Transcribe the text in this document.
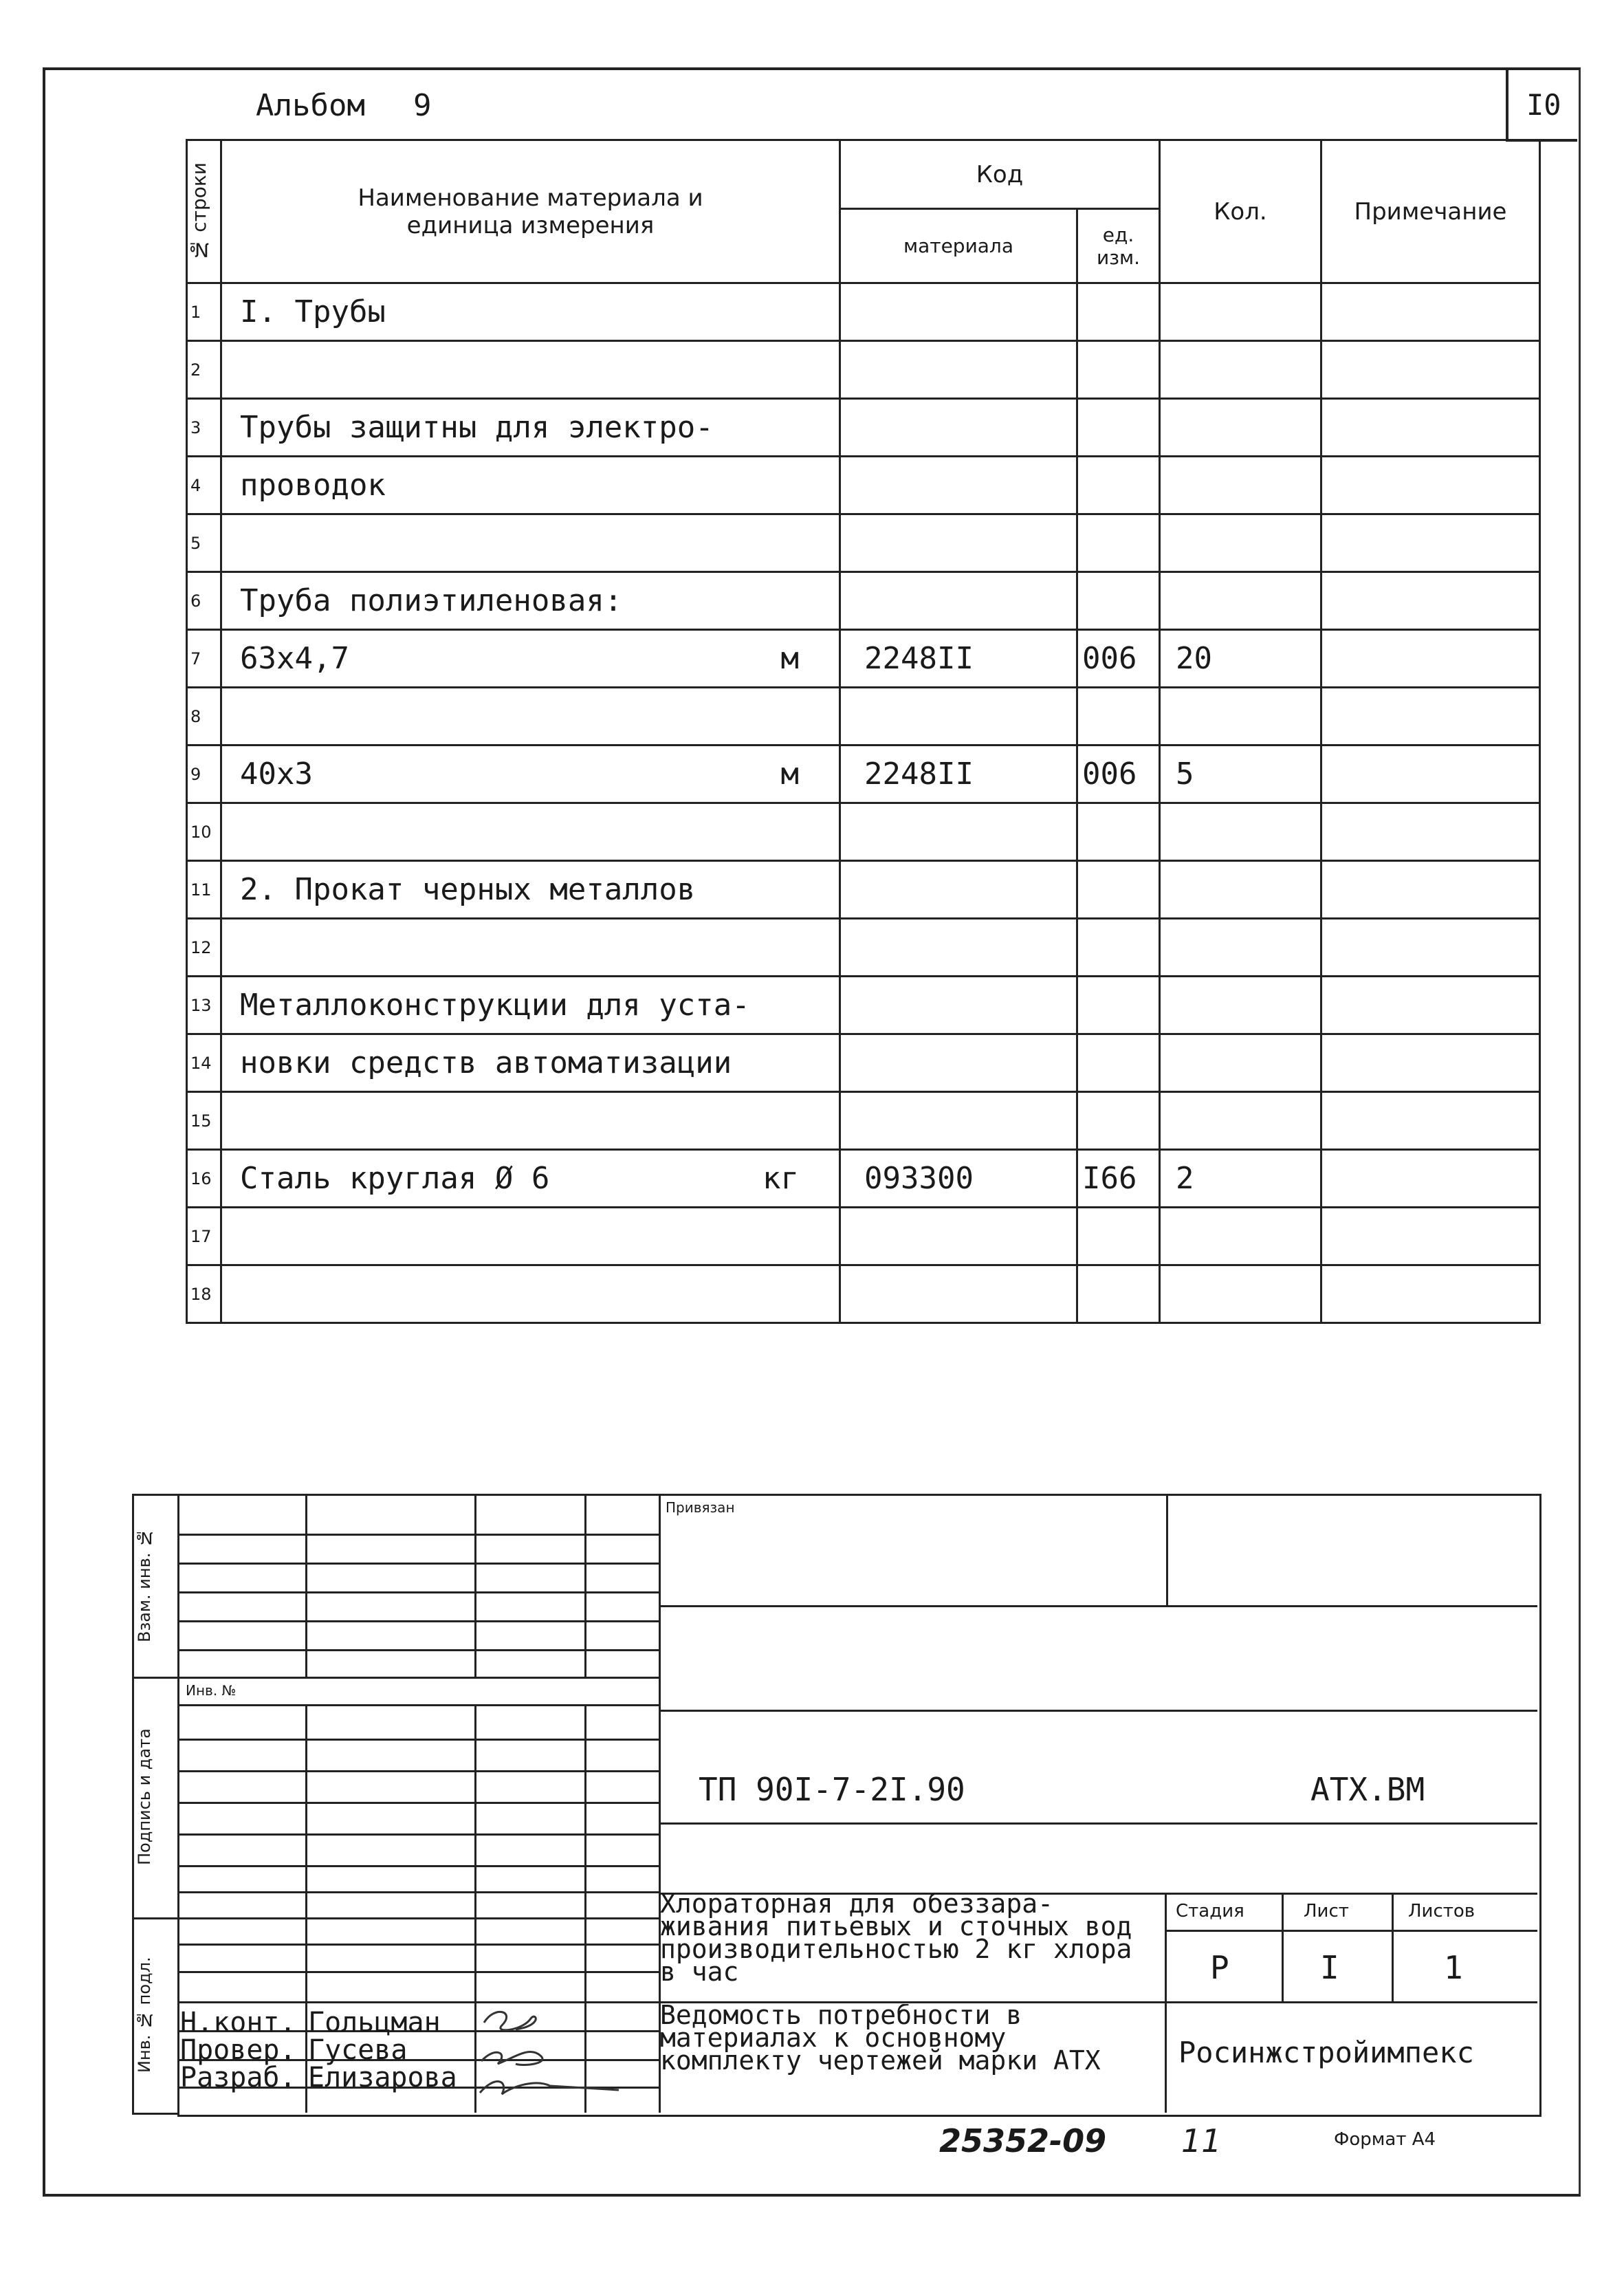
I0
Альбом 9
№ строки	Наименование материала и единица измерения	Код		Кол.	Примечание
		материала	ед. изм.		
1	I. Трубы				

2	

3	Трубы защитны для электро-				

4	проводок				

5	

6	Труба полиэтиленовая:				

7	63x4,7 м	2248II	006	20	
8	

9	40x3 м	2248II	006	5	
10	

11	2. Прокат черных металлов				

12	

13	Металлоконструкции для уста-				

14	новки средств автоматизации				

15	

16	Сталь круглая Ø 6 кг	093300	I66	2	
17	

18	

Взам. инв. №
Подпись и дата
Инв. № подл.
Инв. №
Н.конт. Гольцман
Провер. Гусева
Разраб. Елизарова
Привязан
ТП 90I-7-2I.90	АТХ.ВМ
Хлораторная для обеззара-живания питьевых и сточных вод производительностью 2 кг хлора в час
Ведомость потребности в материалах к основному комплекту чертежей марки АТХ
Стадия	Лист	Листов
Р	I	1
Росинжстройимпекс
25352-09 11	Формат А4
